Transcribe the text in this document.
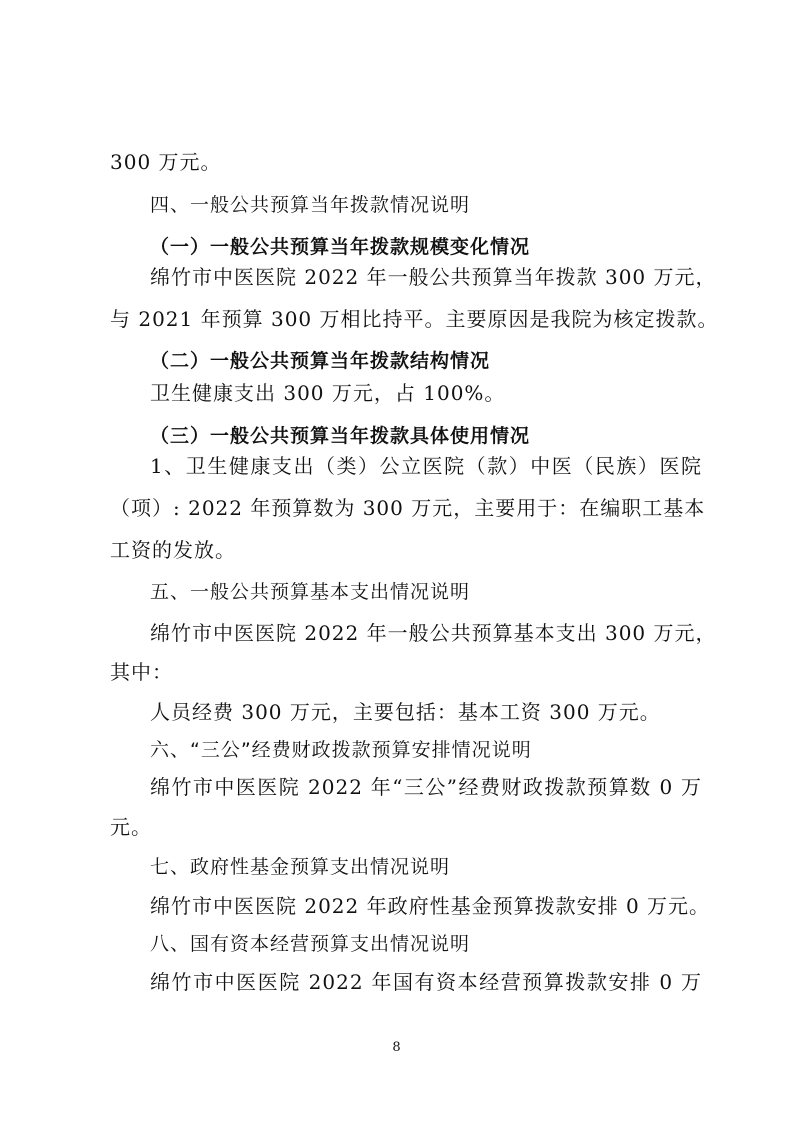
300 万元。
四、一般公共预算当年拨款情况说明
（一）一般公共预算当年拨款规模变化情况
绵竹市中医医院 2022 年一般公共预算当年拨款 300 万元，
与 2021 年预算 300 万相比持平。主要原因是我院为核定拨款。
（二）一般公共预算当年拨款结构情况
卫生健康支出 300 万元，占 100%。
（三）一般公共预算当年拨款具体使用情况
1、卫生健康支出（类）公立医院（款）中医（民族）医院
（项）: 2022 年预算数为 300 万元，主要用于：在编职工基本
工资的发放。
五、一般公共预算基本支出情况说明
绵竹市中医医院 2022 年一般公共预算基本支出 300 万元，
其中：
人员经费 300 万元，主要包括：基本工资 300 万元。
六、“三公”经费财政拨款预算安排情况说明
绵竹市中医医院 2022 年“三公”经费财政拨款预算数 0 万
元。
七、政府性基金预算支出情况说明
绵竹市中医医院 2022 年政府性基金预算拨款安排 0 万元。
八、国有资本经营预算支出情况说明
绵竹市中医医院 2022 年国有资本经营预算拨款安排 0 万
8
